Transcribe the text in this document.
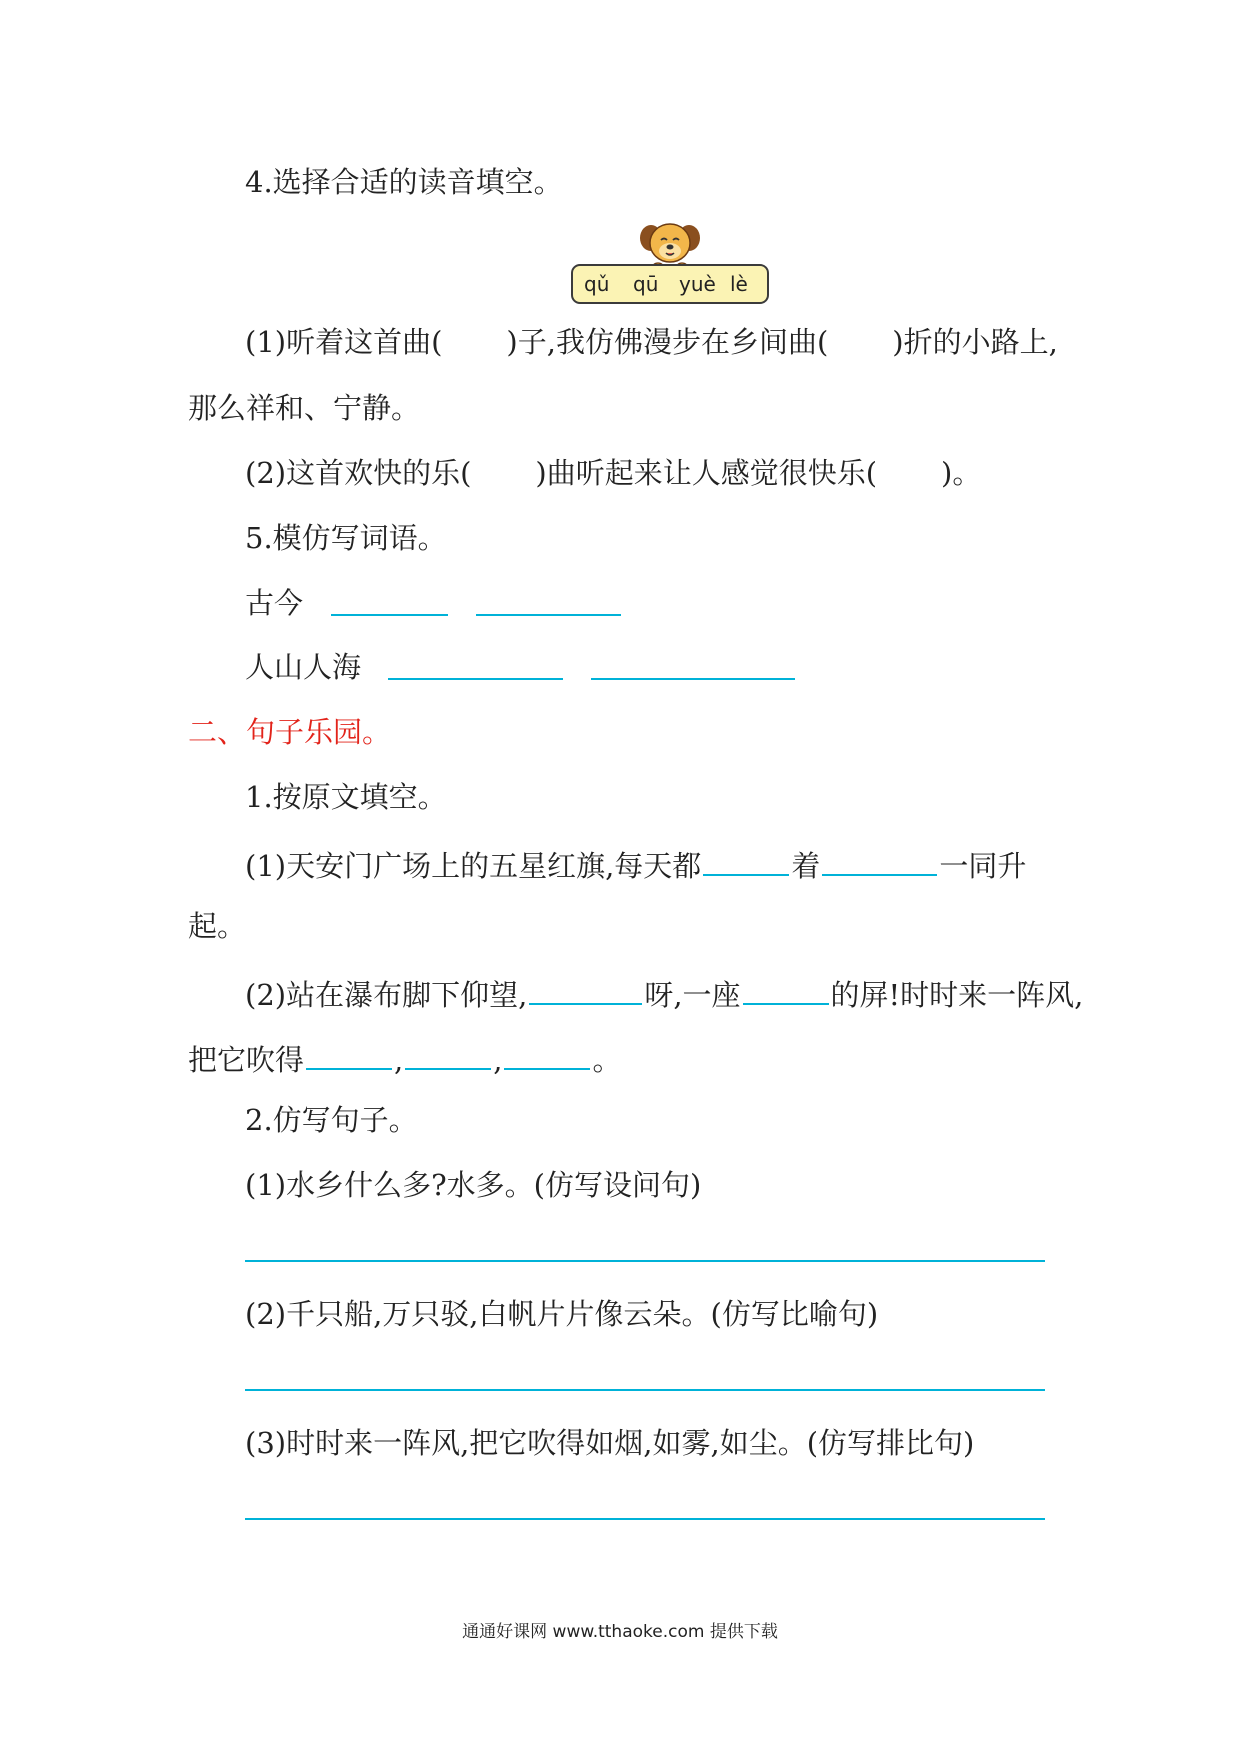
4.选择合适的读音填空。

qǔ qū yuè lè

(1)听着这首曲( )子,我仿佛漫步在乡间曲( )折的小路上,

那么祥和、宁静。

(2)这首欢快的乐( )曲听起来让人感觉很快乐( )。

5.模仿写词语。

古今

人山人海

二、句子乐园。

1.按原文填空。

(1)天安门广场上的五星红旗,每天都	着	一同升

起。

(2)站在瀑布脚下仰望,	呀,一座	的屏!时时来一阵风,

把它吹得	,	,	。

2.仿写句子。

(1)水乡什么多?水多。(仿写设问句)

(2)千只船,万只驳,白帆片片像云朵。(仿写比喻句)

(3)时时来一阵风,把它吹得如烟,如雾,如尘。(仿写排比句)

通通好课网 www.tthaoke.com 提供下载
